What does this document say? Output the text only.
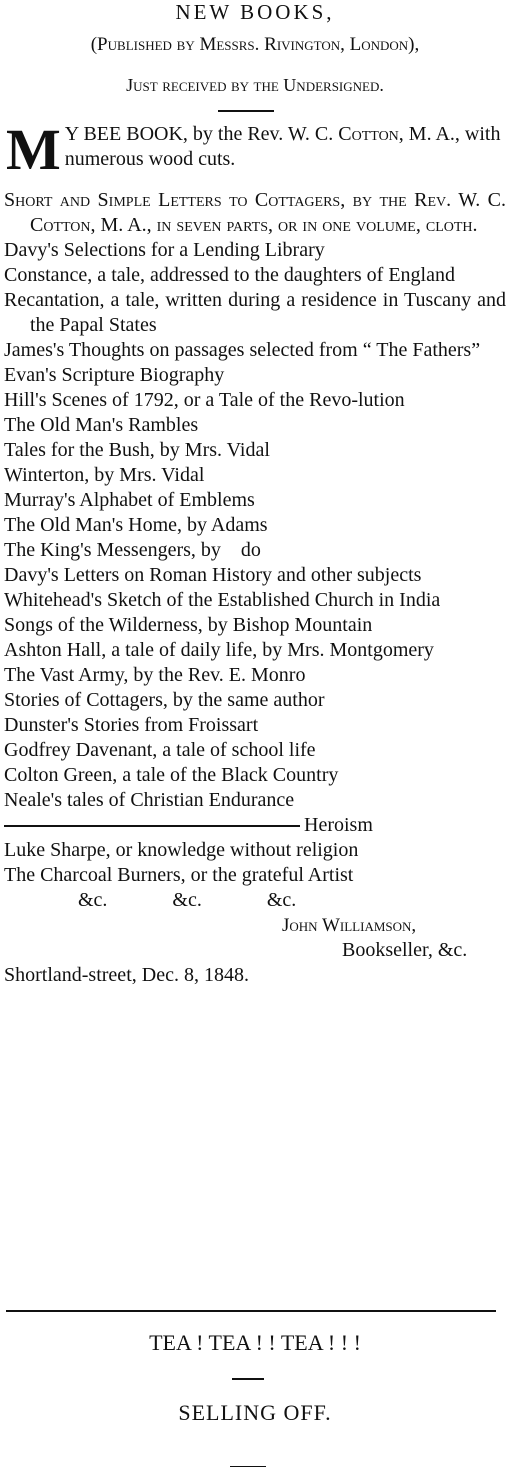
NEW BOOKS,
(Published by Messrs. Rivington, London),
Just received by the Undersigned.
M Y BEE BOOK, by the Rev. W. C. Cotton, M. A., with numerous wood cuts.
Short and Simple Letters to Cottagers, by the Rev. W. C. Cotton, M. A., in seven parts, or in one volume, cloth.
Davy's Selections for a Lending Library
Constance, a tale, addressed to the daughters of England
Recantation, a tale, written during a residence in Tuscany and the Papal States
James's Thoughts on passages selected from “ The Fathers”
Evan's Scripture Biography
Hill's Scenes of 1792, or a Tale of the Revo-lution
The Old Man's Rambles
Tales for the Bush, by Mrs. Vidal
Winterton, by Mrs. Vidal
Murray's Alphabet of Emblems
The Old Man's Home, by Adams
The King's Messengers, by    do
Davy's Letters on Roman History and other subjects
Whitehead's Sketch of the Established Church in India
Songs of the Wilderness, by Bishop Mountain
Ashton Hall, a tale of daily life, by Mrs. Montgomery
The Vast Army, by the Rev. E. Monro
Stories of Cottagers, by the same author
Dunster's Stories from Froissart
Godfrey Davenant, a tale of school life
Colton Green, a tale of the Black Country
Neale's tales of Christian Endurance
Heroism
Luke Sharpe, or knowledge without religion
The Charcoal Burners, or the grateful Artist
&c. &c. &c.
John Williamson,
Bookseller, &c.
Shortland-street, Dec. 8, 1848.
TEA ! TEA ! ! TEA ! ! !
SELLING OFF.
